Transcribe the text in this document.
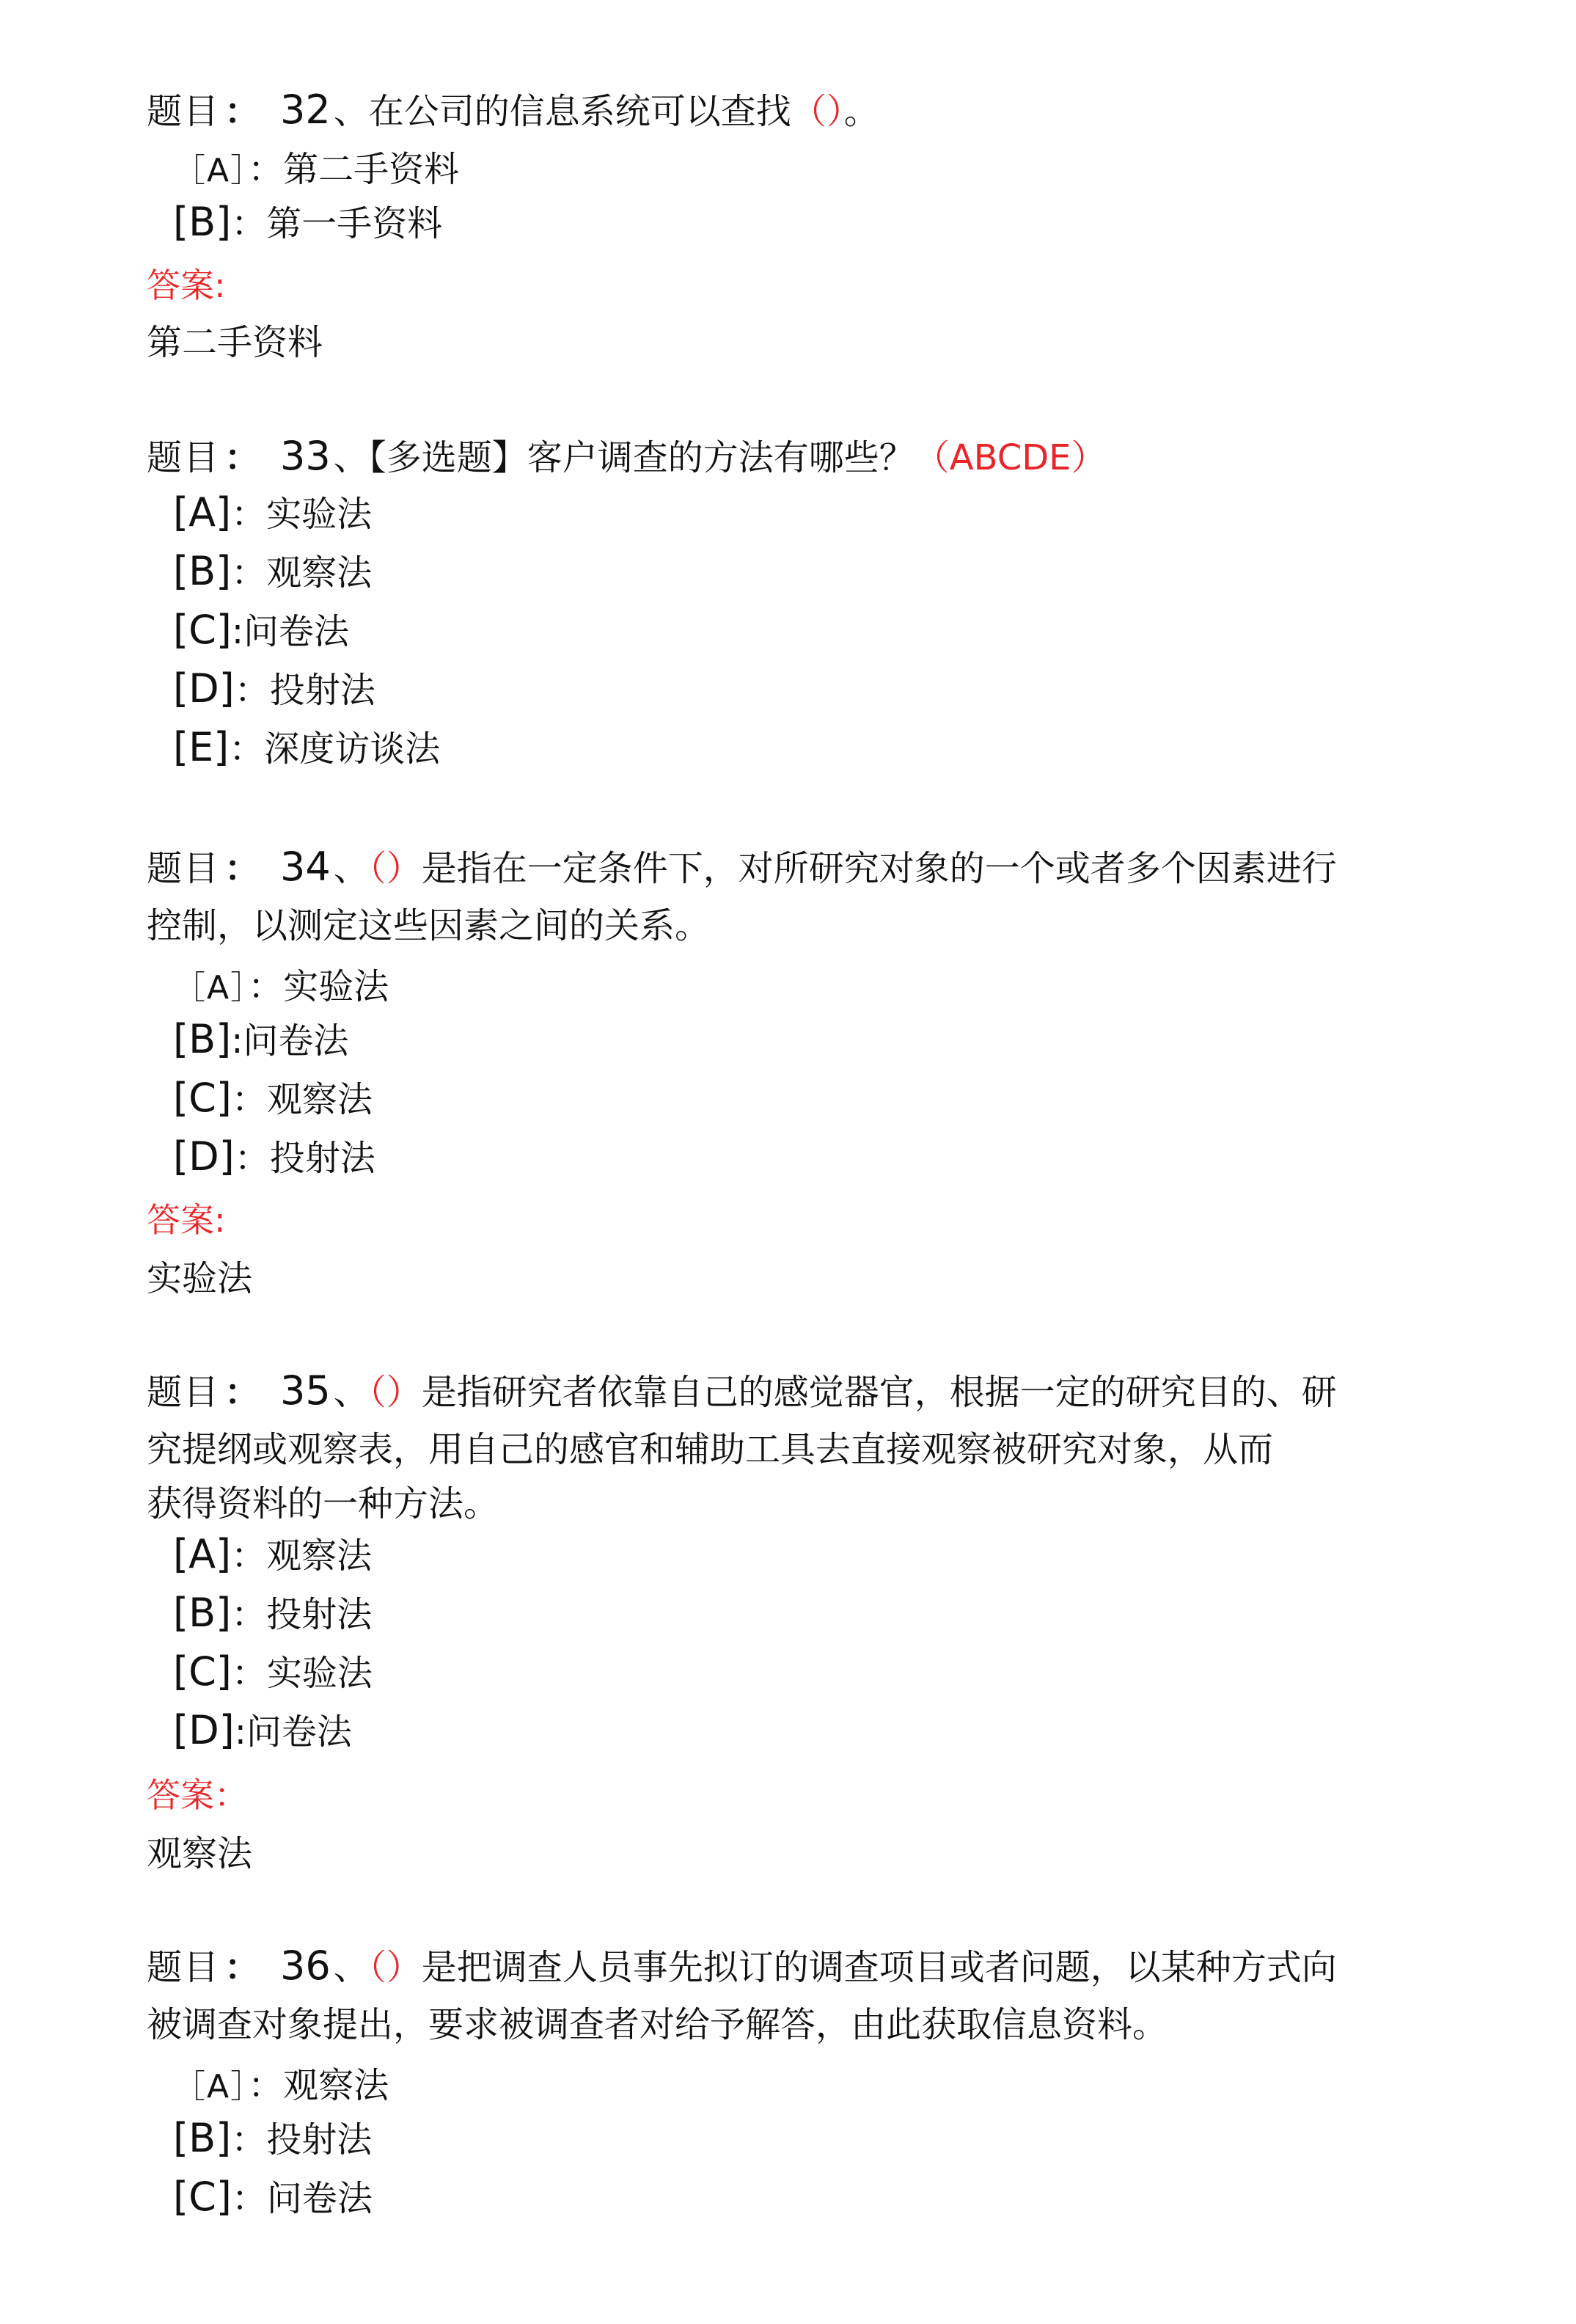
题目 ： 32、在公司的信息系统可以查找（）。
［A］：第二手资料
[B]：第一手资料
答案:
第二手资料
题目 ： 33、【多选题】客户调查的方法有哪些？（ABCDE）
[A]：实验法
[B]：观察法
[C]:问卷法
[D]：投射法
[E]：深度访谈法
题目 ： 34、（）是指在一定条件下，对所研究对象的一个或者多个因素进行
控制，以测定这些因素之间的关系。
［A］：实验法
[B]:问卷法
[C]：观察法
[D]：投射法
答案:
实验法
题目 ： 35、（）是指研究者依靠自己的感觉器官，根据一定的研究目的、研
究提纲或观察表，用自己的感官和辅助工具去直接观察被研究对象，从而
获得资料的一种方法。
[A]：观察法
[B]：投射法
[C]：实验法
[D]:问卷法
答案：
观察法
题目 ： 36、（）是把调查人员事先拟订的调查项目或者问题，以某种方式向
被调查对象提出，要求被调查者对给予解答，由此获取信息资料。
［A］：观察法
[B]：投射法
[C]：问卷法
